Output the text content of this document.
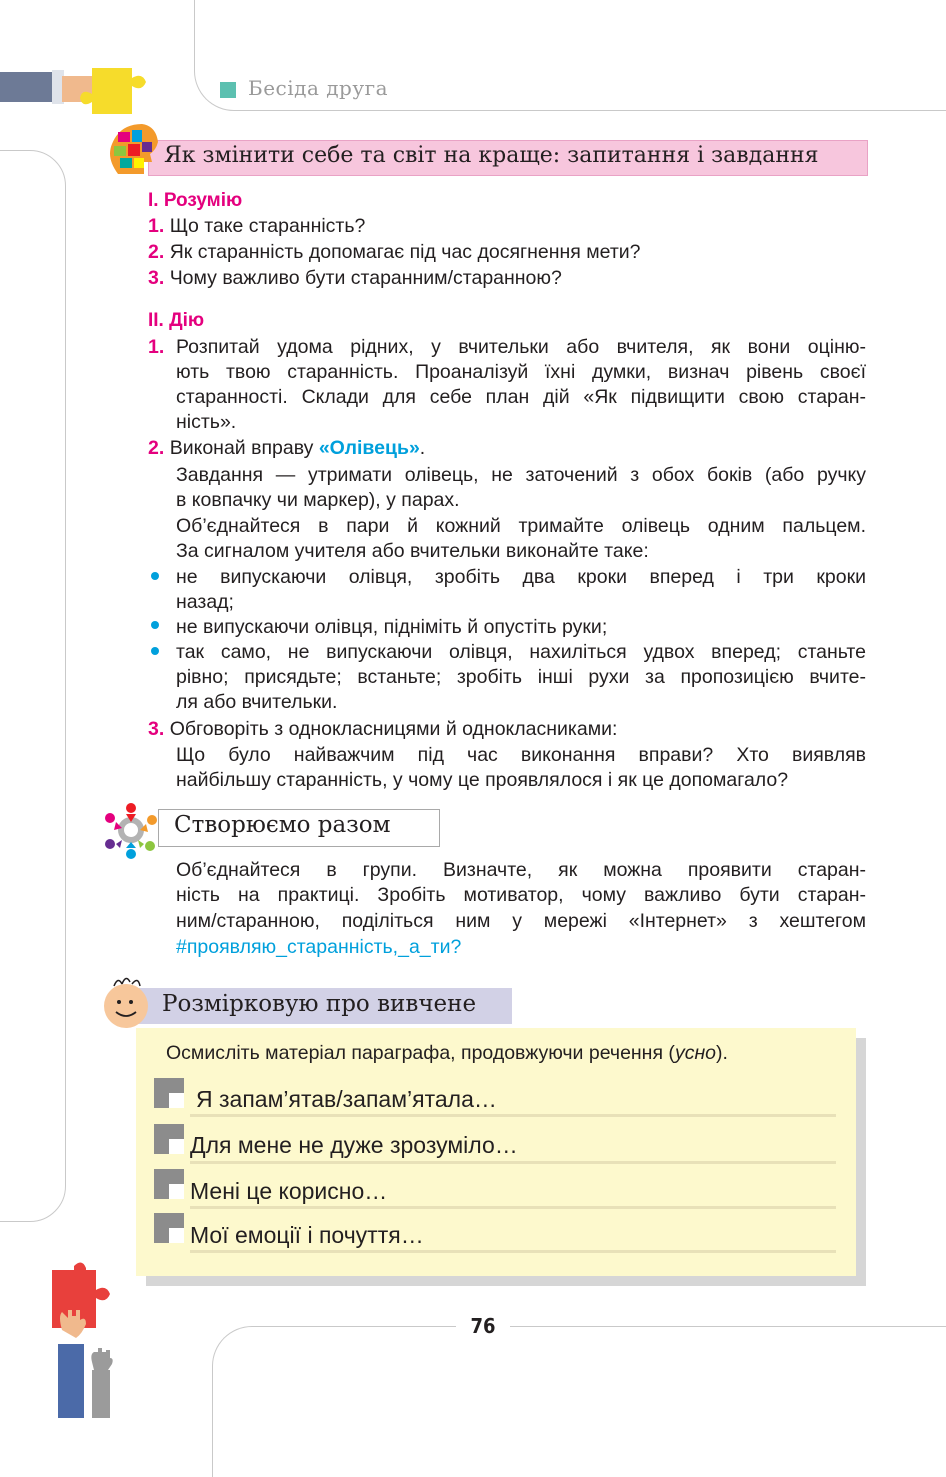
Бесіда друга
Як змінити себе та світ на краще: запитання і завдання
І. Розумію
1. Що таке старанність?
2. Як старанність допомагає під час досягнення мети?
3. Чому важливо бути старанним/старанною?
ІІ. Дію
1. Розпитай удома рідних, у вчительки або вчителя, як вони оціню-
ють твою старанність. Проаналізуй їхні думки, визнач рівень своєї
старанності. Склади для себе план дій «Як підвищити свою старан-
ність».
2. Виконай вправу «Олівець».
Завдання — утримати олівець, не заточений з обох боків (або ручку
в ковпачку чи маркер), у парах.
Об’єднайтеся в пари й кожний тримайте олівець одним пальцем.
За сигналом учителя або вчительки виконайте таке:
не випускаючи олівця, зробіть два кроки вперед і три кроки
назад;
не випускаючи олівця, підніміть й опустіть руки;
так само, не випускаючи олівця, нахиліться удвох вперед; станьте
рівно; присядьте; встаньте; зробіть інші рухи за пропозицією вчите-
ля або вчительки.
3. Обговоріть з однокласницями й однокласниками:
Що було найважчим під час виконання вправи? Хто виявляв
найбільшу старанність, у чому це проявлялося і як це допомагало?
Створюємо разом
Об’єднайтеся в групи. Визначте, як можна проявити старан-
ність на практиці. Зробіть мотиватор, чому важливо бути старан-
ним/старанною, поділіться ним у мережі «Інтернет» з хештегом
#проявляю_старанність,_а_ти?
Розмірковую про вивчене
Осмисліть матеріал параграфа, продовжуючи речення (усно).
Я запам’ятав/запам’ятала…
Для мене не дуже зрозуміло…
Мені це корисно…
Мої емоції і почуття…
76
